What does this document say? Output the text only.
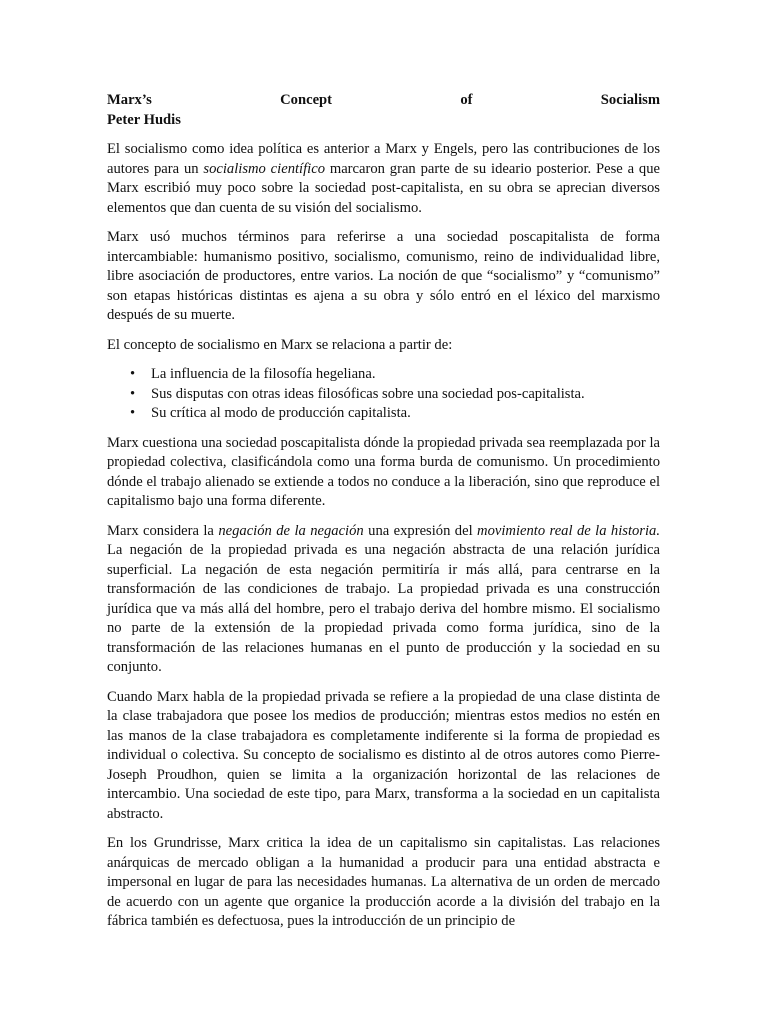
Marx’s	Concept	of	Socialism
Peter Hudis

El socialismo como idea política es anterior a Marx y Engels, pero las contribuciones de los autores para un socialismo científico marcaron gran parte de su ideario posterior. Pese a que Marx escribió muy poco sobre la sociedad post-capitalista, en su obra se aprecian diversos elementos que dan cuenta de su visión del socialismo.

Marx usó muchos términos para referirse a una sociedad poscapitalista de forma intercambiable: humanismo positivo, socialismo, comunismo, reino de individualidad libre, libre asociación de productores, entre varios. La noción de que “socialismo” y “comunismo” son etapas históricas distintas es ajena a su obra y sólo entró en el léxico del marxismo después de su muerte.

El concepto de socialismo en Marx se relaciona a partir de:

• La influencia de la filosofía hegeliana.
• Sus disputas con otras ideas filosóficas sobre una sociedad pos-capitalista.
• Su crítica al modo de producción capitalista.

Marx cuestiona una sociedad poscapitalista dónde la propiedad privada sea reemplazada por la propiedad colectiva, clasificándola como una forma burda de comunismo. Un procedimiento dónde el trabajo alienado se extiende a todos no conduce a la liberación, sino que reproduce el capitalismo bajo una forma diferente.

Marx considera la negación de la negación una expresión del movimiento real de la historia. La negación de la propiedad privada es una negación abstracta de una relación jurídica superficial. La negación de esta negación permitiría ir más allá, para centrarse en la transformación de las condiciones de trabajo. La propiedad privada es una construcción jurídica que va más allá del hombre, pero el trabajo deriva del hombre mismo. El socialismo no parte de la extensión de la propiedad privada como forma jurídica, sino de la transformación de las relaciones humanas en el punto de producción y la sociedad en su conjunto.

Cuando Marx habla de la propiedad privada se refiere a la propiedad de una clase distinta de la clase trabajadora que posee los medios de producción; mientras estos medios no estén en las manos de la clase trabajadora es completamente indiferente si la forma de propiedad es individual o colectiva. Su concepto de socialismo es distinto al de otros autores como Pierre-Joseph Proudhon, quien se limita a la organización horizontal de las relaciones de intercambio. Una sociedad de este tipo, para Marx, transforma a la sociedad en un capitalista abstracto.

En los Grundrisse, Marx critica la idea de un capitalismo sin capitalistas. Las relaciones anárquicas de mercado obligan a la humanidad a producir para una entidad abstracta e impersonal en lugar de para las necesidades humanas. La alternativa de un orden de mercado de acuerdo con un agente que organice la producción acorde a la división del trabajo en la fábrica también es defectuosa, pues la introducción de un principio de
